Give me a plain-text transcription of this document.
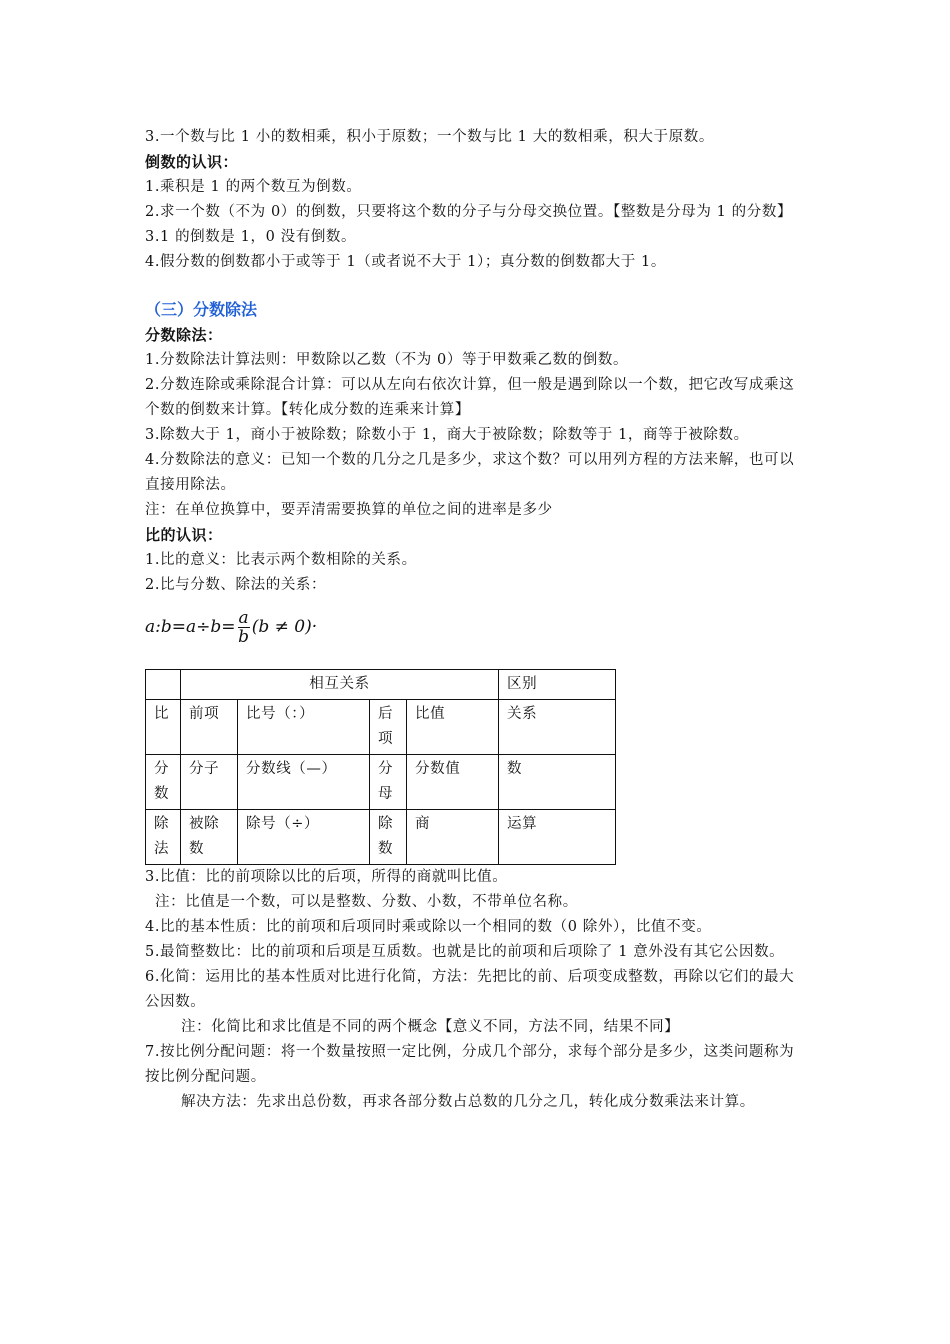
3.一个数与比 1 小的数相乘，积小于原数；一个数与比 1 大的数相乘，积大于原数。
倒数的认识：
1.乘积是 1 的两个数互为倒数。
2.求一个数（不为 0）的倒数，只要将这个数的分子与分母交换位置。【整数是分母为 1 的分数】
3.1 的倒数是 1，0 没有倒数。
4.假分数的倒数都小于或等于 1（或者说不大于 1）；真分数的倒数都大于 1。
（三）分数除法
分数除法：
1.分数除法计算法则：甲数除以乙数（不为 0）等于甲数乘乙数的倒数。
2.分数连除或乘除混合计算：可以从左向右依次计算，但一般是遇到除以一个数，把它改写成乘这个数的倒数来计算。【转化成分数的连乘来计算】
3.除数大于 1，商小于被除数；除数小于 1，商大于被除数；除数等于 1，商等于被除数。
4.分数除法的意义：已知一个数的几分之几是多少，求这个数？可以用列方程的方法来解，也可以直接用除法。
注：在单位换算中，要弄清需要换算的单位之间的进率是多少
比的认识：
1.比的意义：比表示两个数相除的关系。
2.比与分数、除法的关系：
a : $b = a \div b = \frac{a}{b} (b \ne 0)$ ·
	相互关系				区别
比	前项	比号（：）	后项	比值	关系
分数	分子	分数线（—）	分母	分数值	数
除法	被除数	除号（÷）	除数	商	运算
3.比值：比的前项除以比的后项，所得的商就叫比值。
注：比值是一个数，可以是整数、分数、小数，不带单位名称。
4.比的基本性质：比的前项和后项同时乘或除以一个相同的数（0 除外），比值不变。
5.最简整数比：比的前项和后项是互质数。也就是比的前项和后项除了 1 意外没有其它公因数。
6.化简：运用比的基本性质对比进行化简，方法：先把比的前、后项变成整数，再除以它们的最大公因数。
注：化简比和求比值是不同的两个概念【意义不同，方法不同，结果不同】
7.按比例分配问题：将一个数量按照一定比例，分成几个部分，求每个部分是多少，这类问题称为按比例分配问题。
解决方法：先求出总份数，再求各部分数占总数的几分之几，转化成分数乘法来计算。
